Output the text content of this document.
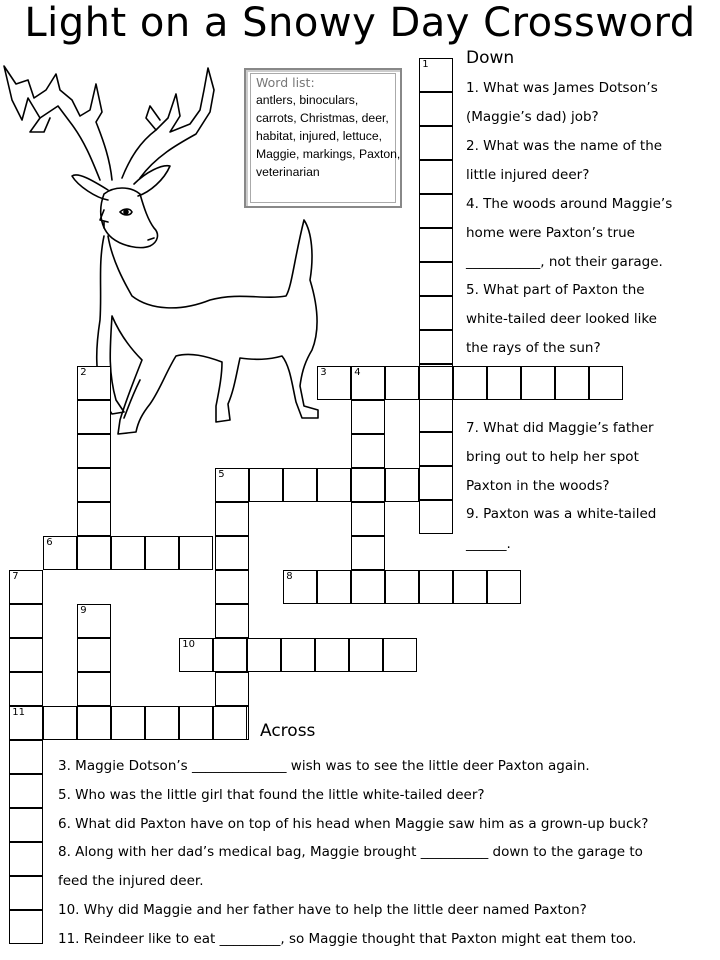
Light on a Snowy Day Crossword
Word list:
antlers, binoculars, carrots, Christmas, deer, habitat, injured, lettuce, Maggie, markings, Paxton, veterinarian
1
3	4
2
5
6
7
11
8
9
10
Down
1. What was James Dotson’s
(Maggie’s dad) job?
2. What was the name of the
little injured deer?
4. The woods around Maggie’s
home were Paxton’s true
___________, not their garage.
5. What part of Paxton the
white-tailed deer looked like
the rays of the sun?
7. What did Maggie’s father
bring out to help her spot
Paxton in the woods?
9. Paxton was a white-tailed
______.
Across
3. Maggie Dotson’s ______________ wish was to see the little deer Paxton again.
5. Who was the little girl that found the little white-tailed deer?
6. What did Paxton have on top of his head when Maggie saw him as a grown-up buck?
8. Along with her dad’s medical bag, Maggie brought __________ down to the garage to
feed the injured deer.
10. Why did Maggie and her father have to help the little deer named Paxton?
11. Reindeer like to eat _________, so Maggie thought that Paxton might eat them too.
